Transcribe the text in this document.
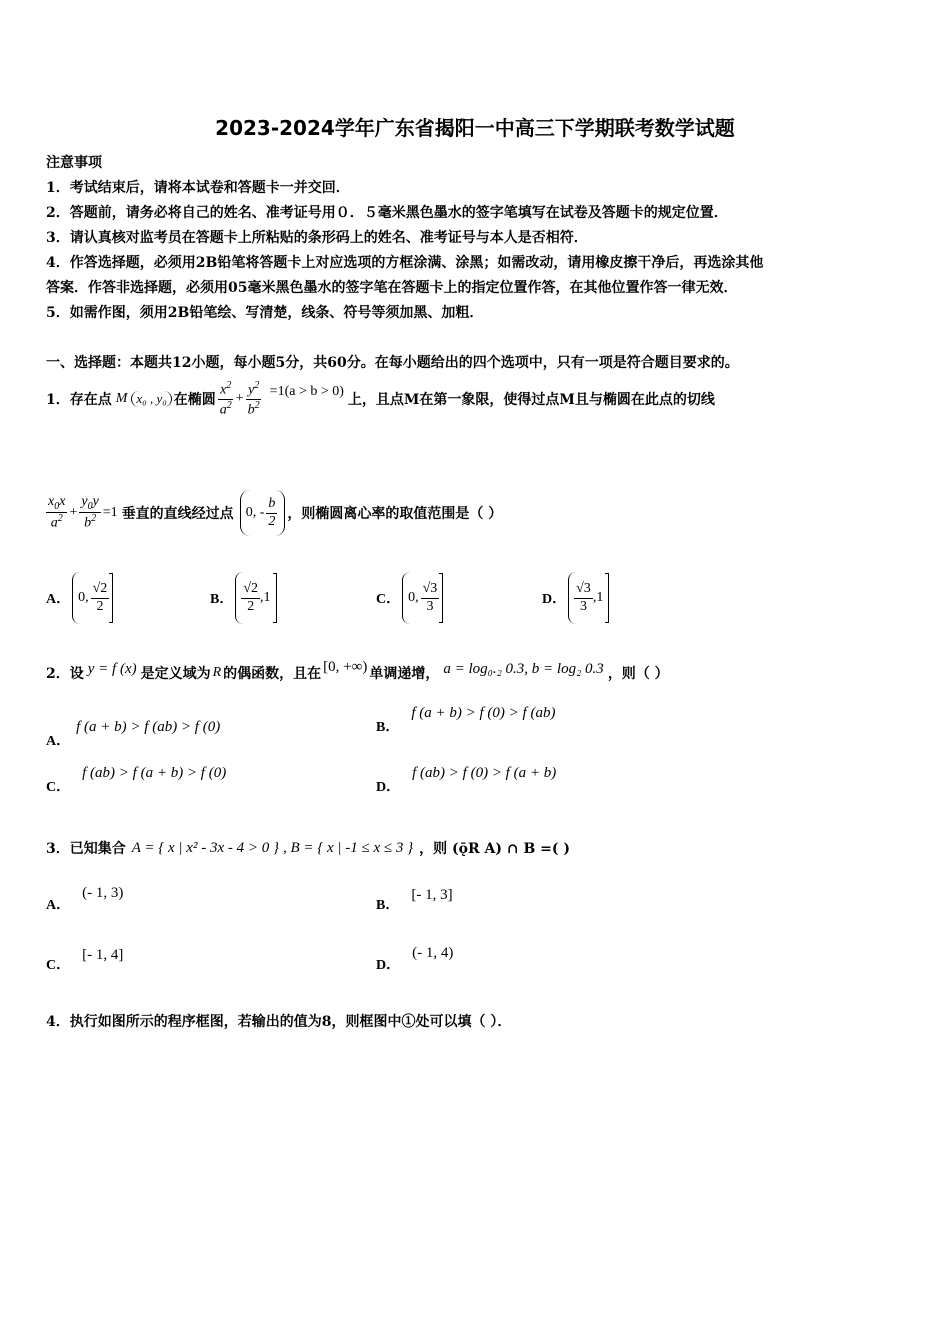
2023-2024学年广东省揭阳一中高三下学期联考数学试题
注意事项
1．考试结束后，请将本试卷和答题卡一并交回．
2．答题前，请务必将自己的姓名、准考证号用０．５毫米黑色墨水的签字笔填写在试卷及答题卡的规定位置．
3．请认真核对监考员在答题卡上所粘贴的条形码上的姓名、准考证号与本人是否相符．
4．作答选择题，必须用2B铅笔将答题卡上对应选项的方框涂满、涂黑；如需改动，请用橡皮擦干净后，再选涂其他
答案．作答非选择题，必须用05毫米黑色墨水的签字笔在答题卡上的指定位置作答，在其他位置作答一律无效．
5．如需作图，须用2B铅笔绘、写清楚，线条、符号等须加黑、加粗．
一、选择题：本题共12小题，每小题5分，共60分。在每小题给出的四个选项中，只有一项是符合题目要求的。
1．存在点 M x₀ , y₀ 在椭圆 $\frac{x^2}{a^2} + \frac{y^2}{b^2} =1(a > b > 0)$
上，且点M在第一象限，使得过点M且与椭圆在此点的切线
$\frac{x_0x}{a^2} + \frac{y_0y}{b^2} =1$ 垂直的直线经过点 0, - $\frac{b}{2}$ ，则椭圆离心率的取值范围是（ ）
A． 0, $\frac{√2}{2}$	B． $\frac{√2}{2} ,1$	C． 0, $\frac{√3}{3}$	D． $\frac{√3}{3} ,1$
2．设 y = f (x) 是定义域为 R 的偶函数，且在 [0, +∞) 单调递增， a = log₀.₂ 0.3, b = log₂ 0.3 ，则（ ）
A．
f (a + b) > f (ab) > f (0)	B．
f (a + b) > f (0) > f (ab)
C．
f (ab) > f (a + b) > f (0)
D．
f (ab) > f (0) > f (a + b)
3．已知集合 A = { x | x² - 3x - 4 > 0 } , B = { x | -1 ≤ x ≤ 3 } ，则 (ǭR A) ∩ B =( )
A．
(- 1, 3)
B．
[- 1, 3]
C．
[- 1, 4]
D．
(- 1, 4)
4．执行如图所示的程序框图，若输出的值为8，则框图中①处可以填（ ）．
